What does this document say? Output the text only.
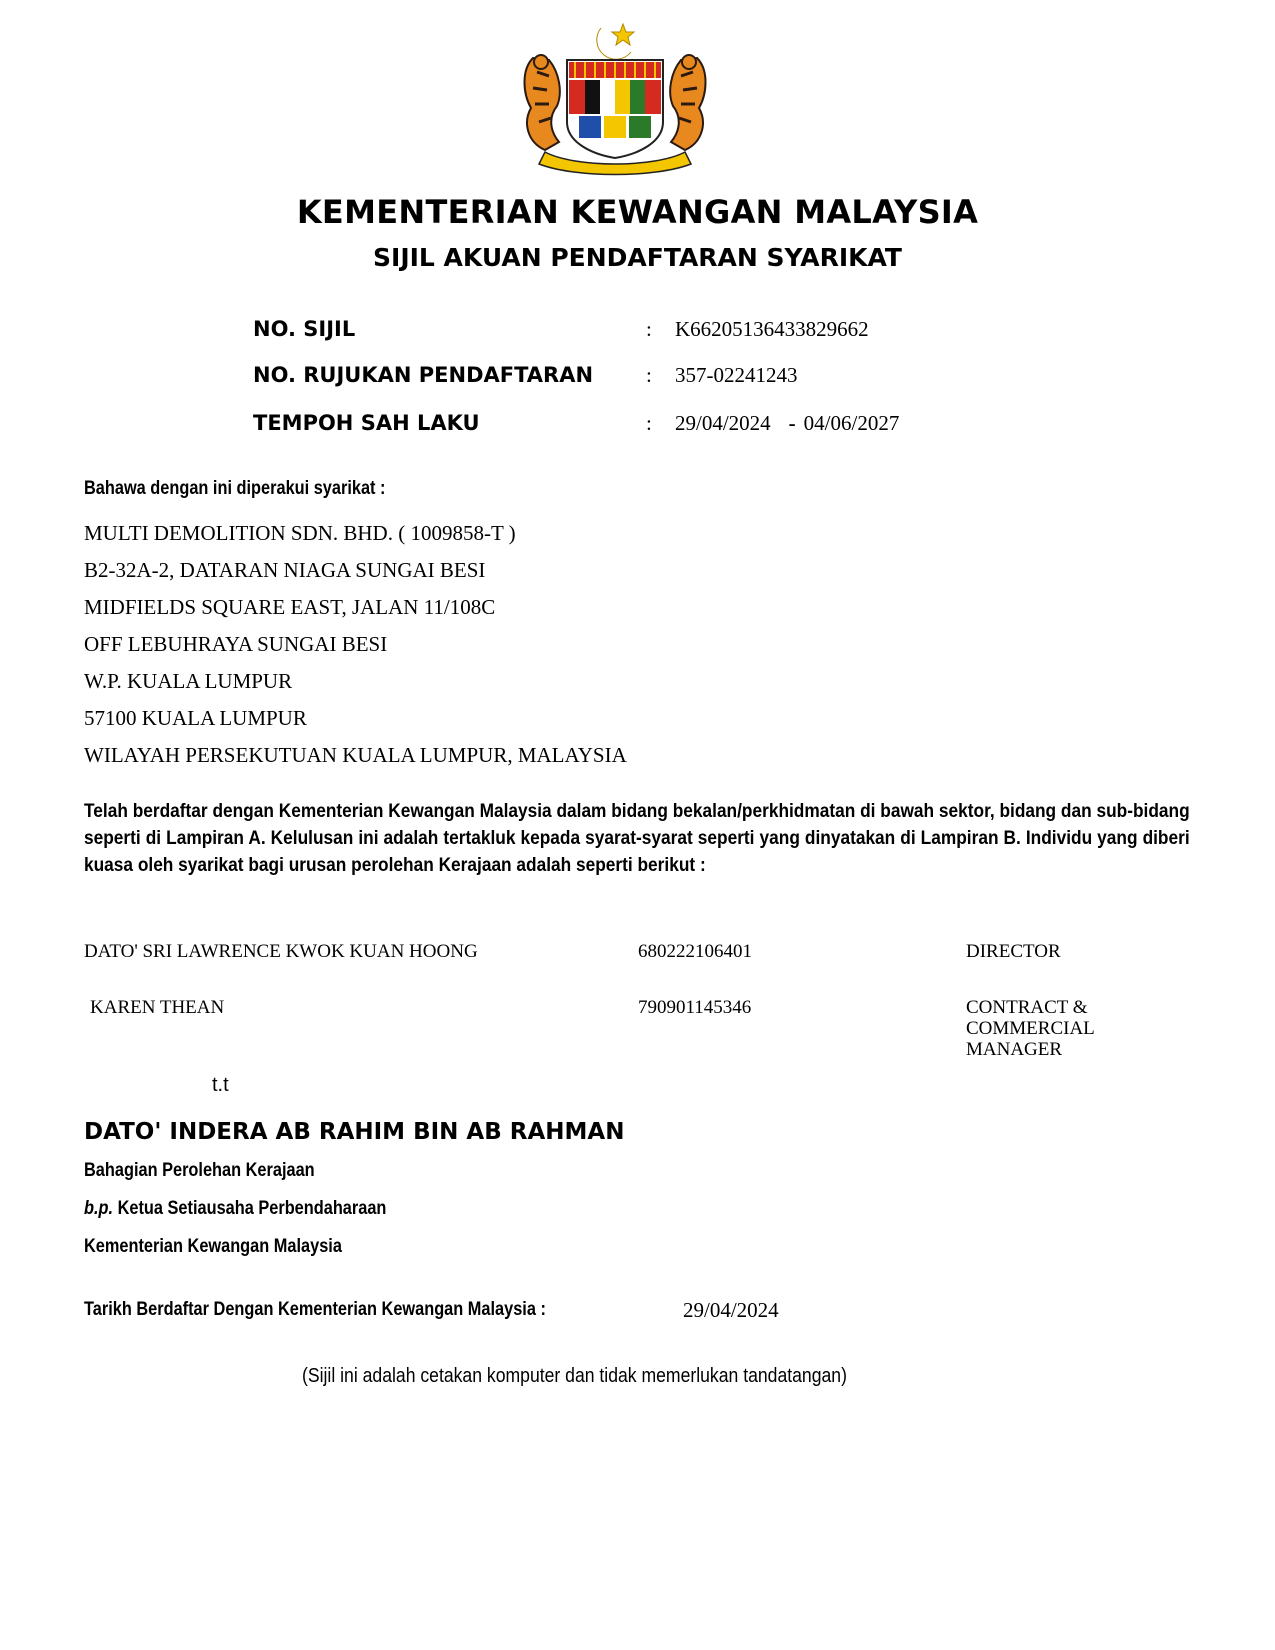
KEMENTERIAN KEWANGAN MALAYSIA
SIJIL AKUAN PENDAFTARAN SYARIKAT
NO. SIJIL	: K66205136433829662
NO. RUJUKAN PENDAFTARAN	: 357-02241243
TEMPOH SAH LAKU	: 29/04/2024 - 04/06/2027
Bahawa dengan ini diperakui syarikat :
MULTI DEMOLITION SDN. BHD. ( 1009858-T )
B2-32A-2, DATARAN NIAGA SUNGAI BESI
MIDFIELDS SQUARE EAST, JALAN 11/108C
OFF LEBUHRAYA SUNGAI BESI
W.P. KUALA LUMPUR
57100 KUALA LUMPUR
WILAYAH PERSEKUTUAN KUALA LUMPUR, MALAYSIA
Telah berdaftar dengan Kementerian Kewangan Malaysia dalam bidang bekalan/perkhidmatan di bawah sektor, bidang dan sub-bidang seperti di Lampiran A. Kelulusan ini adalah tertakluk kepada syarat-syarat seperti yang dinyatakan di Lampiran B. Individu yang diberi kuasa oleh syarikat bagi urusan perolehan Kerajaan adalah seperti berikut :
DATO' SRI LAWRENCE KWOK KUAN HOONG	680222106401	DIRECTOR
KAREN THEAN	790901145346	CONTRACT &
COMMERCIAL
MANAGER
t.t
DATO' INDERA AB RAHIM BIN AB RAHMAN
Bahagian Perolehan Kerajaan
b.p. Ketua Setiausaha Perbendaharaan
Kementerian Kewangan Malaysia
Tarikh Berdaftar Dengan Kementerian Kewangan Malaysia :	29/04/2024
(Sijil ini adalah cetakan komputer dan tidak memerlukan tandatangan)
